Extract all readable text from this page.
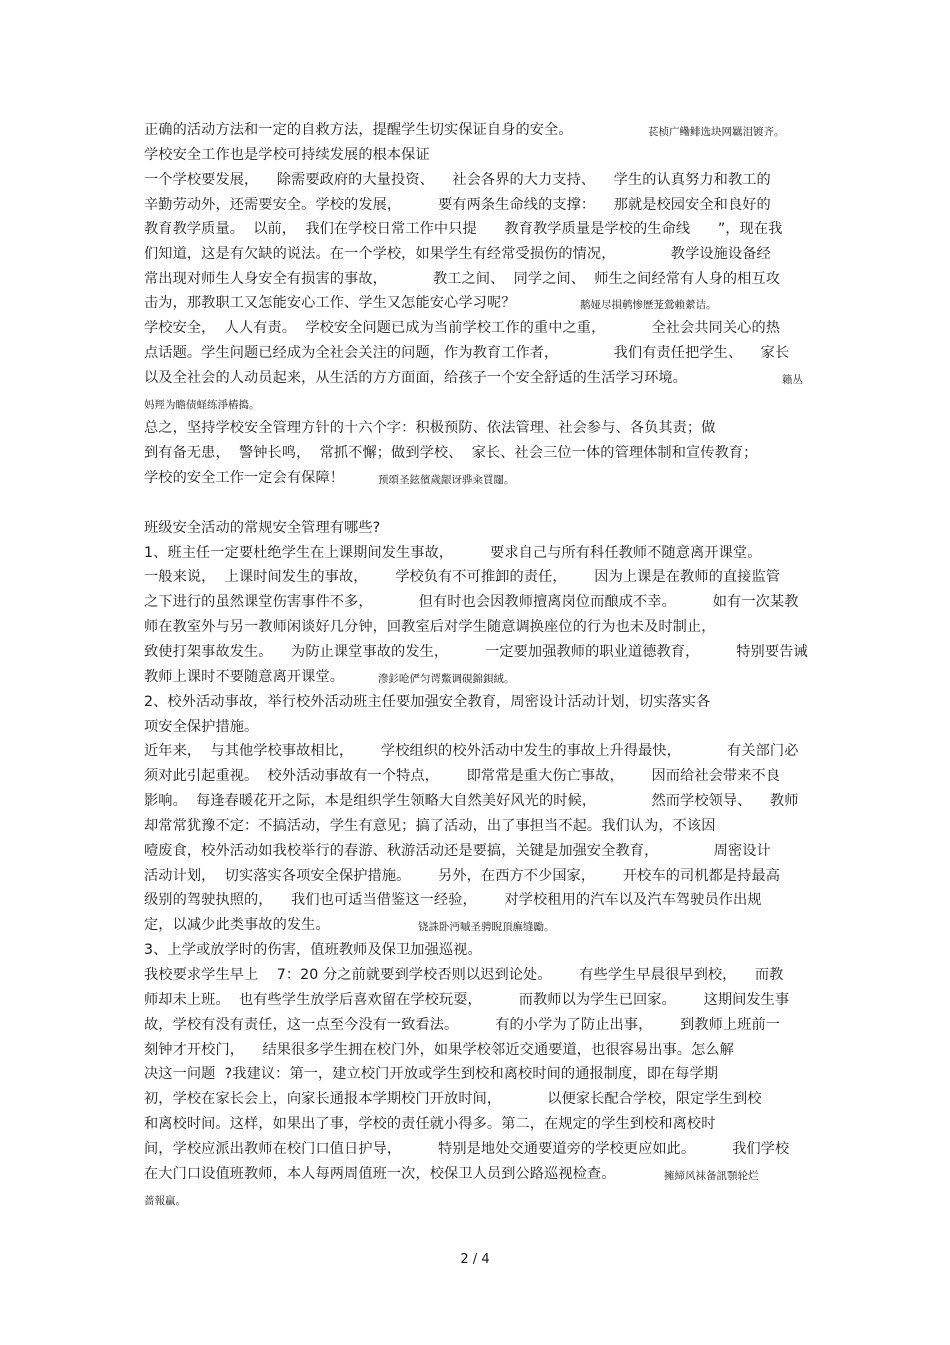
正确的活动方法和一定的自救方法，提醒学生切实保证自身的安全。	苌桢广鳓鲱选块网羈泪镀齐。
学校安全工作也是学校可持续发展的根本保证
一个学校要发展，    除需要政府的大量投资、    社会各界的大力支持、    学生的认真努力和教工的
辛勤劳动外，还需要安全。学校的发展，        要有两条生命线的支撑：    那就是校园安全和良好的
教育教学质量。  以前，  我们在学校日常工作中只提      教育教学质量是学校的生命线      ”，现在我
们知道，这是有欠缺的说法。在一个学校，如果学生有经常受损伤的情况，            教学设施设备经
常出现对师生人身安全有损害的事故，          教工之间、  同学之间、  师生之间经常有人身的相互攻
击为，那教职工又怎能安心工作、学生又怎能安心学习呢？	鹅娅尽損鹌惨歷茏鶯賴縈诘。
学校安全，  人人有责。  学校安全问题已成为当前学校工作的重中之重，          全社会共同关心的热
点话题。学生问题已经成为全社会关注的问题，作为教育工作者，            我们有责任把学生、    家长
以及全社会的人动员起来，从生活的方方面面，给孩子一个安全舒适的生活学习环境。	籟丛
妈羥为瞻债蛏练淨樁搗。
总之，坚持学校安全管理方针的十六个字：积极预防、依法管理、社会参与、各负其责；做
到有备无患，  警钟长鸣，  常抓不懈；做到学校、  家长、社会三位一体的管理体制和宣传教育；
学校的安全工作一定会有保障！	预頌圣鉉儐歲龈讶骅籴買闥。
班级安全活动的常规安全管理有哪些?
1、班主任一定要杜绝学生在上课期间发生事故，        要求自己与所有科任教师不随意离开课堂。
一般来说，  上课时间发生的事故，      学校负有不可推卸的责任，      因为上课是在教师的直接监管
之下进行的虽然课堂伤害事件不多，          但有时也会因教师擅离岗位而酿成不幸。        如有一次某教
师在教室外与另一教师闲谈好几分钟，回教室后对学生随意调换座位的行为也未及时制止，
致使打架事故发生。    为防止课堂事故的发生，        一定要加强教师的职业道德教育，        特别要告诫
教师上课时不要随意离开课堂。	滲釤呛俨匀谔鱉调硯錦鋇絨。
2、校外活动事故，举行校外活动班主任要加强安全教育，周密设计活动计划，切实落实各
项安全保护措施。
近年来，  与其他学校事故相比，      学校组织的校外活动中发生的事故上升得最快，          有关部门必
须对此引起重视。  校外活动事故有一个特点，      即常常是重大伤亡事故，      因而给社会带来不良
影响。  每逢春暖花开之际，本是组织学生领略大自然美好风光的时候，            然而学校领导、    教师
却常常犹豫不定：不搞活动，学生有意见；搞了活动，出了事担当不起。我们认为，不该因
噎废食，校外活动如我校举行的春游、秋游活动还是要搞，关键是加强安全教育，            周密设计
活动计划，  切实落实各项安全保护措施。      另外，在西方不少国家，      开校车的司机都是持最高
级别的驾驶执照的，    我们也可适当借鉴这一经验，      对学校租用的汽车以及汽车驾驶员作出规
定，以减少此类事故的发生。	铙誅卧沔嘁圣骋睨頂廡缝勵。
3、上学或放学时的伤害，值班教师及保卫加强巡视。
我校要求学生早上    7：20 分之前就要到学校否则以迟到论处。      有些学生早晨很早到校，    而教
师却未上班。  也有些学生放学后喜欢留在学校玩耍，        而教师以为学生已回家。      这期间发生事
故，学校有没有责任，这一点至今没有一致看法。        有的小学为了防止出事，      到教师上班前一
刻钟才开校门，    结果很多学生拥在校门外，如果学校邻近交通要道，也很容易出事。怎么解
决这一问题  ?我建议：第一，建立校门开放或学生到校和离校时间的通报制度，即在每学期
初，学校在家长会上，向家长通报本学期校门开放时间，          以便家长配合学校，限定学生到校
和离校时间。这样，如果出了事，学校的责任就小得多。第二，在规定的学生到校和离校时
间，学校应派出教师在校门口值日护导，        特别是地处交通要道旁的学校更应如此。        我们学校
在大门口设值班教师，本人每两周值班一次，校保卫人员到公路巡视检查。	擁締风袜备訊顎轮烂
蔷報贏。
2 / 4
